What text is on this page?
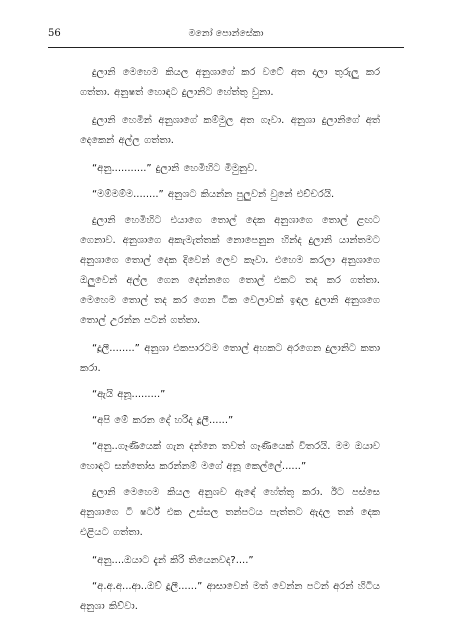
56	මනෝ පොන්සේකා

දුලානි මෙහෙම කියල අනුශාගේ කර වටේ අත දාලා තුරුලු කර ගත්තා. අනුෂත් හොඳට දුලානිට හේත්තු වුනා.

දුලානි හෙමින් අනුශාගේ කම්මුල අත ගෑවා. අනුශා දුලානිගේ අත් දෙකෙන් අල්ල ගත්තා.

“අනු...........” දුලානි හෙමිහිට මිමුනුව.

“මම්මම්ම........” අනුශට කියන්න පුලුවන් වුනේ එච්චරයි.

දුලානි හෙමිහිට එයාගෙ තොල් දෙක අනුශාගෙ තොල් ළඟට ගෙනාව. අනුශාගෙ අකැමැත්තක් නොපෙනුන හින්ද දුලානි යාන්තමට අනුශාගෙ තොල් දෙක දිවෙන් ලෙව කෑවා. එහෙම කරලා අනුශාගෙ ඔලුවෙන් අල්ල ගෙන දෙන්නගෙ තොල් එකට තද කර ගත්තා. මෙහෙම තොල් තද කර ගෙන ටික වෙලාවක් ඉඳල දුලානි අනුශගෙ තොල් උරන්න පටන් ගත්තා.

“දූලී........” අනුශා එකපාරටම තොල් අහකට අරගෙන දුලානිට කතා කරා.

“ඇයි අනූ.........”

“අපි මේ කරන දේ හරිද දූලී......”

“අනු..ගෑණියෙක් ගැන දන්නෙ තවත් ගෑණියෙක් විතරයි. මම ඔයාව හොඳට සන්තෝස කරන්නම් මගේ අනූ කෙල්ලේ......”

දුලානි මෙහෙම කියල අනුශව ඇඳේ හේත්තු කරා. ඊට පස්සෙ අනුශාගෙ ටී ෂර්ට් එක උස්සල තන්පටය පැත්තට ඇදල තන් දෙක එළියට ගත්තා.

“අනු....ඔයාට දැන් කිරි තියෙනවද?....”

“අ.අ.අ...ආ..ඔව් දූලී......” ආසාවෙන් මත් වෙන්න පටන් අරන් හිටිය අනුශා කිව්වා.
